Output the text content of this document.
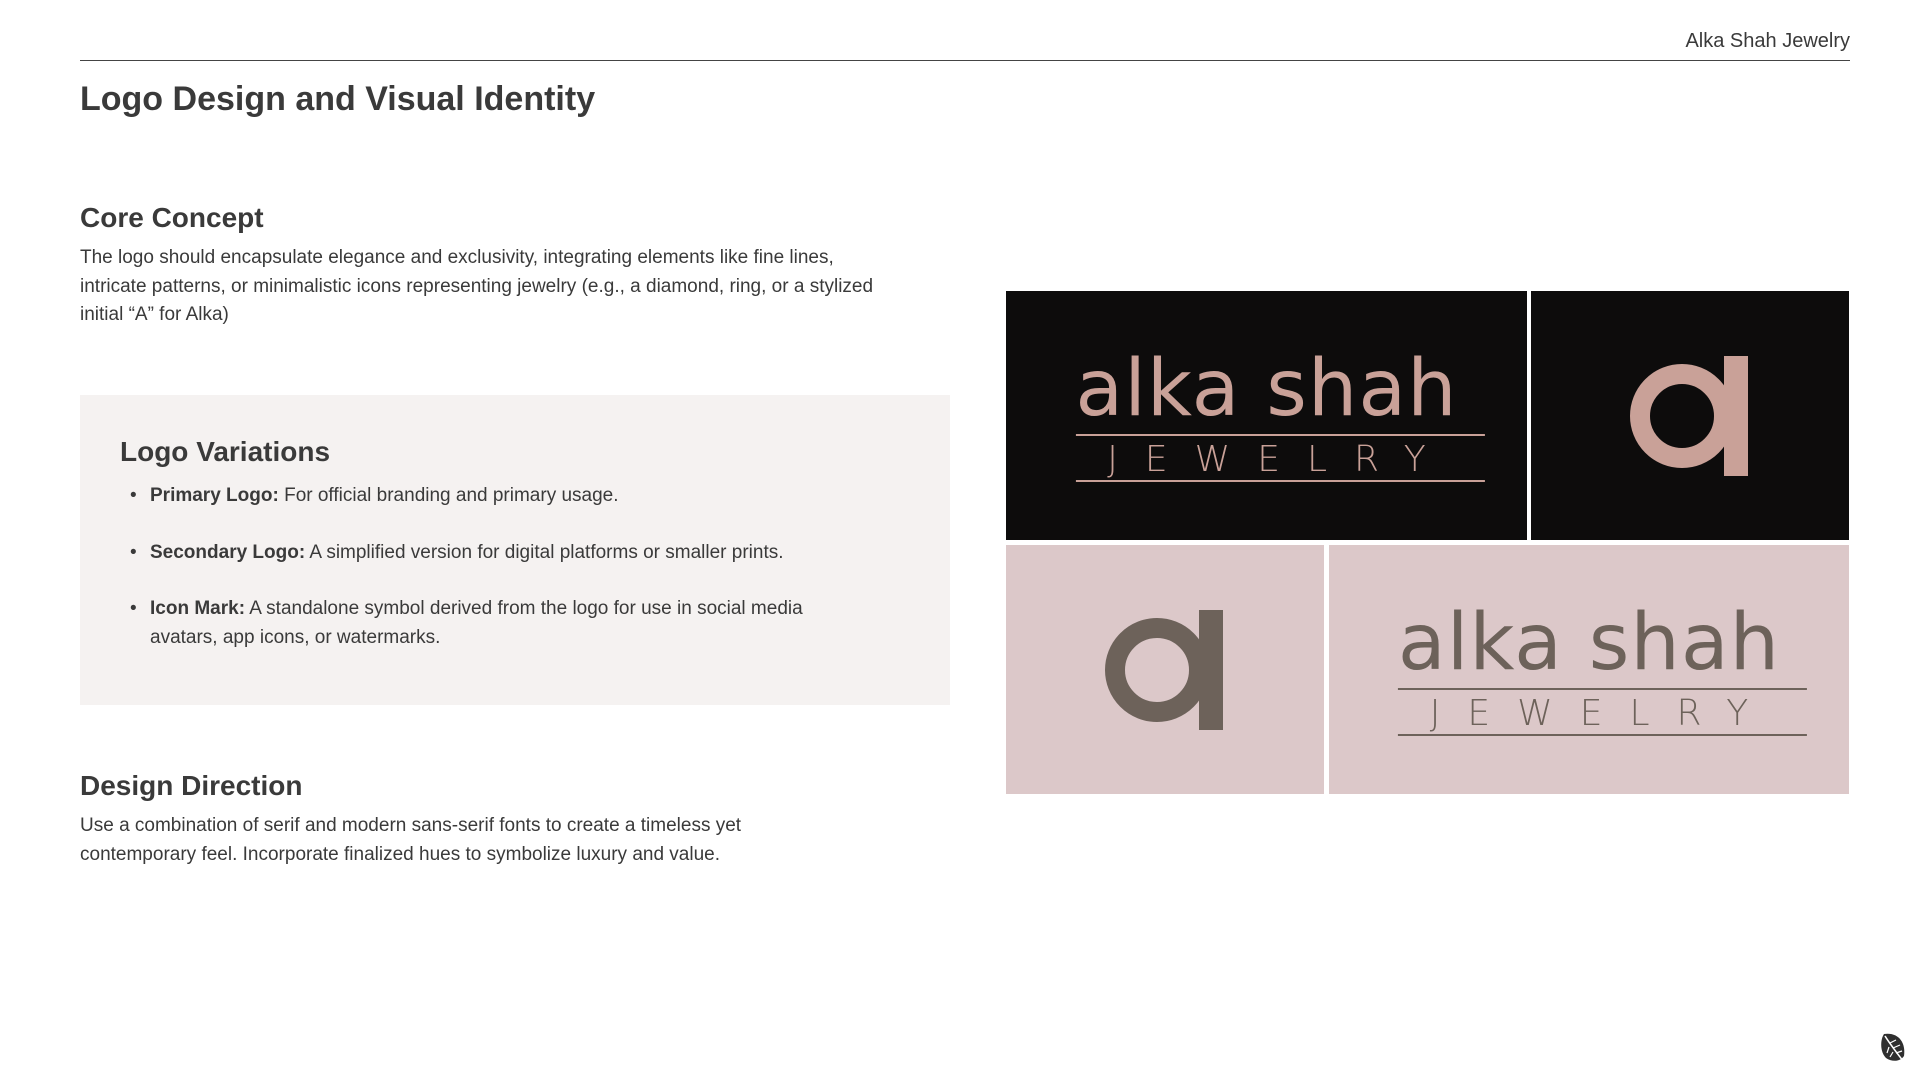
Alka Shah Jewelry
Logo Design and Visual Identity
Core Concept

The logo should encapsulate elegance and exclusivity, integrating elements like fine lines, intricate patterns, or minimalistic icons representing jewelry (e.g., a diamond, ring, or a stylized initial “A” for Alka)

Logo Variations
• Primary Logo: For official branding and primary usage.
• Secondary Logo: A simplified version for digital platforms or smaller prints.
• Icon Mark: A standalone symbol derived from the logo for use in social media avatars, app icons, or watermarks.
Design Direction

Use a combination of serif and modern sans-serif fonts to create a timeless yet contemporary feel. Incorporate finalized hues to symbolize luxury and value.

alka shah
JEWELRY
alka shah
JEWELRY
